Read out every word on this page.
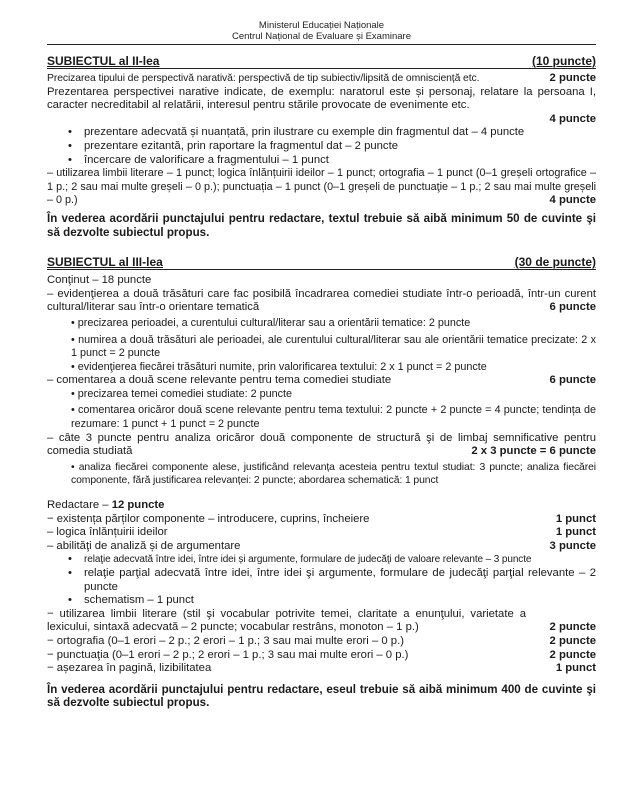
Ministerul Educației Naționale
Centrul Național de Evaluare și Examinare
SUBIECTUL al II-lea	(10 puncte)
Precizarea tipului de perspectivă narativă: perspectivă de tip subiectiv/lipsită de omnisciență etc.	2 puncte
Prezentarea perspectivei narative indicate, de exemplu: naratorul este și personaj, relatare la persoana I, caracter necreditabil al relatării, interesul pentru stările provocate de evenimente etc.
4 puncte
•	prezentare adecvată și nuanțată, prin ilustrare cu exemple din fragmentul dat – 4 puncte
•	prezentare ezitantă, prin raportare la fragmentul dat – 2 puncte
•	încercare de valorificare a fragmentului – 1 punct
– utilizarea limbii literare – 1 punct; logica înlănțuirii ideilor – 1 punct; ortografia – 1 punct (0–1 greșeli ortografice – 1 p.; 2 sau mai multe greșeli – 0 p.); punctuația – 1 punct (0–1 greșeli de punctuaţie – 1 p.; 2 sau mai multe greșeli – 0 p.)	4 puncte
În vederea acordării punctajului pentru redactare, textul trebuie să aibă minimum 50 de cuvinte şi să dezvolte subiectul propus.
SUBIECTUL al III-lea	(30 de puncte)
Conţinut – 18 puncte
– evidenţierea a două trăsături care fac posibilă încadrarea comediei studiate într-o perioadă, într-un curent cultural/literar sau într-o orientare tematică	6 puncte
• precizarea perioadei, a curentului cultural/literar sau a orientării tematice: 2 puncte
• numirea a două trăsături ale perioadei, ale curentului cultural/literar sau ale orientării tematice precizate: 2 x 1 punct = 2 puncte
• evidenţierea fiecărei trăsături numite, prin valorificarea textului: 2 x 1 punct = 2 puncte
– comentarea a două scene relevante pentru tema comediei studiate	6 puncte
• precizarea temei comediei studiate: 2 puncte
• comentarea oricăror două scene relevante pentru tema textului: 2 puncte + 2 puncte = 4 puncte; tendința de rezumare: 1 punct + 1 punct = 2 puncte
– câte 3 puncte pentru analiza oricăror două componente de structură şi de limbaj semnificative pentru comedia studiată	2 x 3 puncte = 6 puncte
• analiza fiecărei componente alese, justificând relevanța acesteia pentru textul studiat: 3 puncte; analiza fiecărei componente, fără justificarea relevanței: 2 puncte; abordarea schematică: 1 punct
Redactare – 12 puncte
− existența părților componente – introducere, cuprins, încheiere	1 punct
– logica înlănțuirii ideilor	1 punct
– abilităţi de analiză și de argumentare	3 puncte
•	relaţie adecvată între idei, între idei și argumente, formulare de judecăţi de valoare relevante – 3 puncte
•	relaţie parţial adecvată între idei, între idei şi argumente, formulare de judecăţi parţial relevante – 2 puncte
•	schematism – 1 punct
− utilizarea limbii literare (stil şi vocabular potrivite temei, claritate a enunţului, varietate a lexicului, sintaxă adecvată – 2 puncte; vocabular restrâns, monoton – 1 p.)	2 puncte
− ortografia (0–1 erori – 2 p.; 2 erori – 1 p.; 3 sau mai multe erori – 0 p.)	2 puncte
− punctuaţia (0–1 erori – 2 p.; 2 erori – 1 p.; 3 sau mai multe erori – 0 p.)	2 puncte
− așezarea în pagină, lizibilitatea	1 punct
În vederea acordării punctajului pentru redactare, eseul trebuie să aibă minimum 400 de cuvinte şi să dezvolte subiectul propus.
